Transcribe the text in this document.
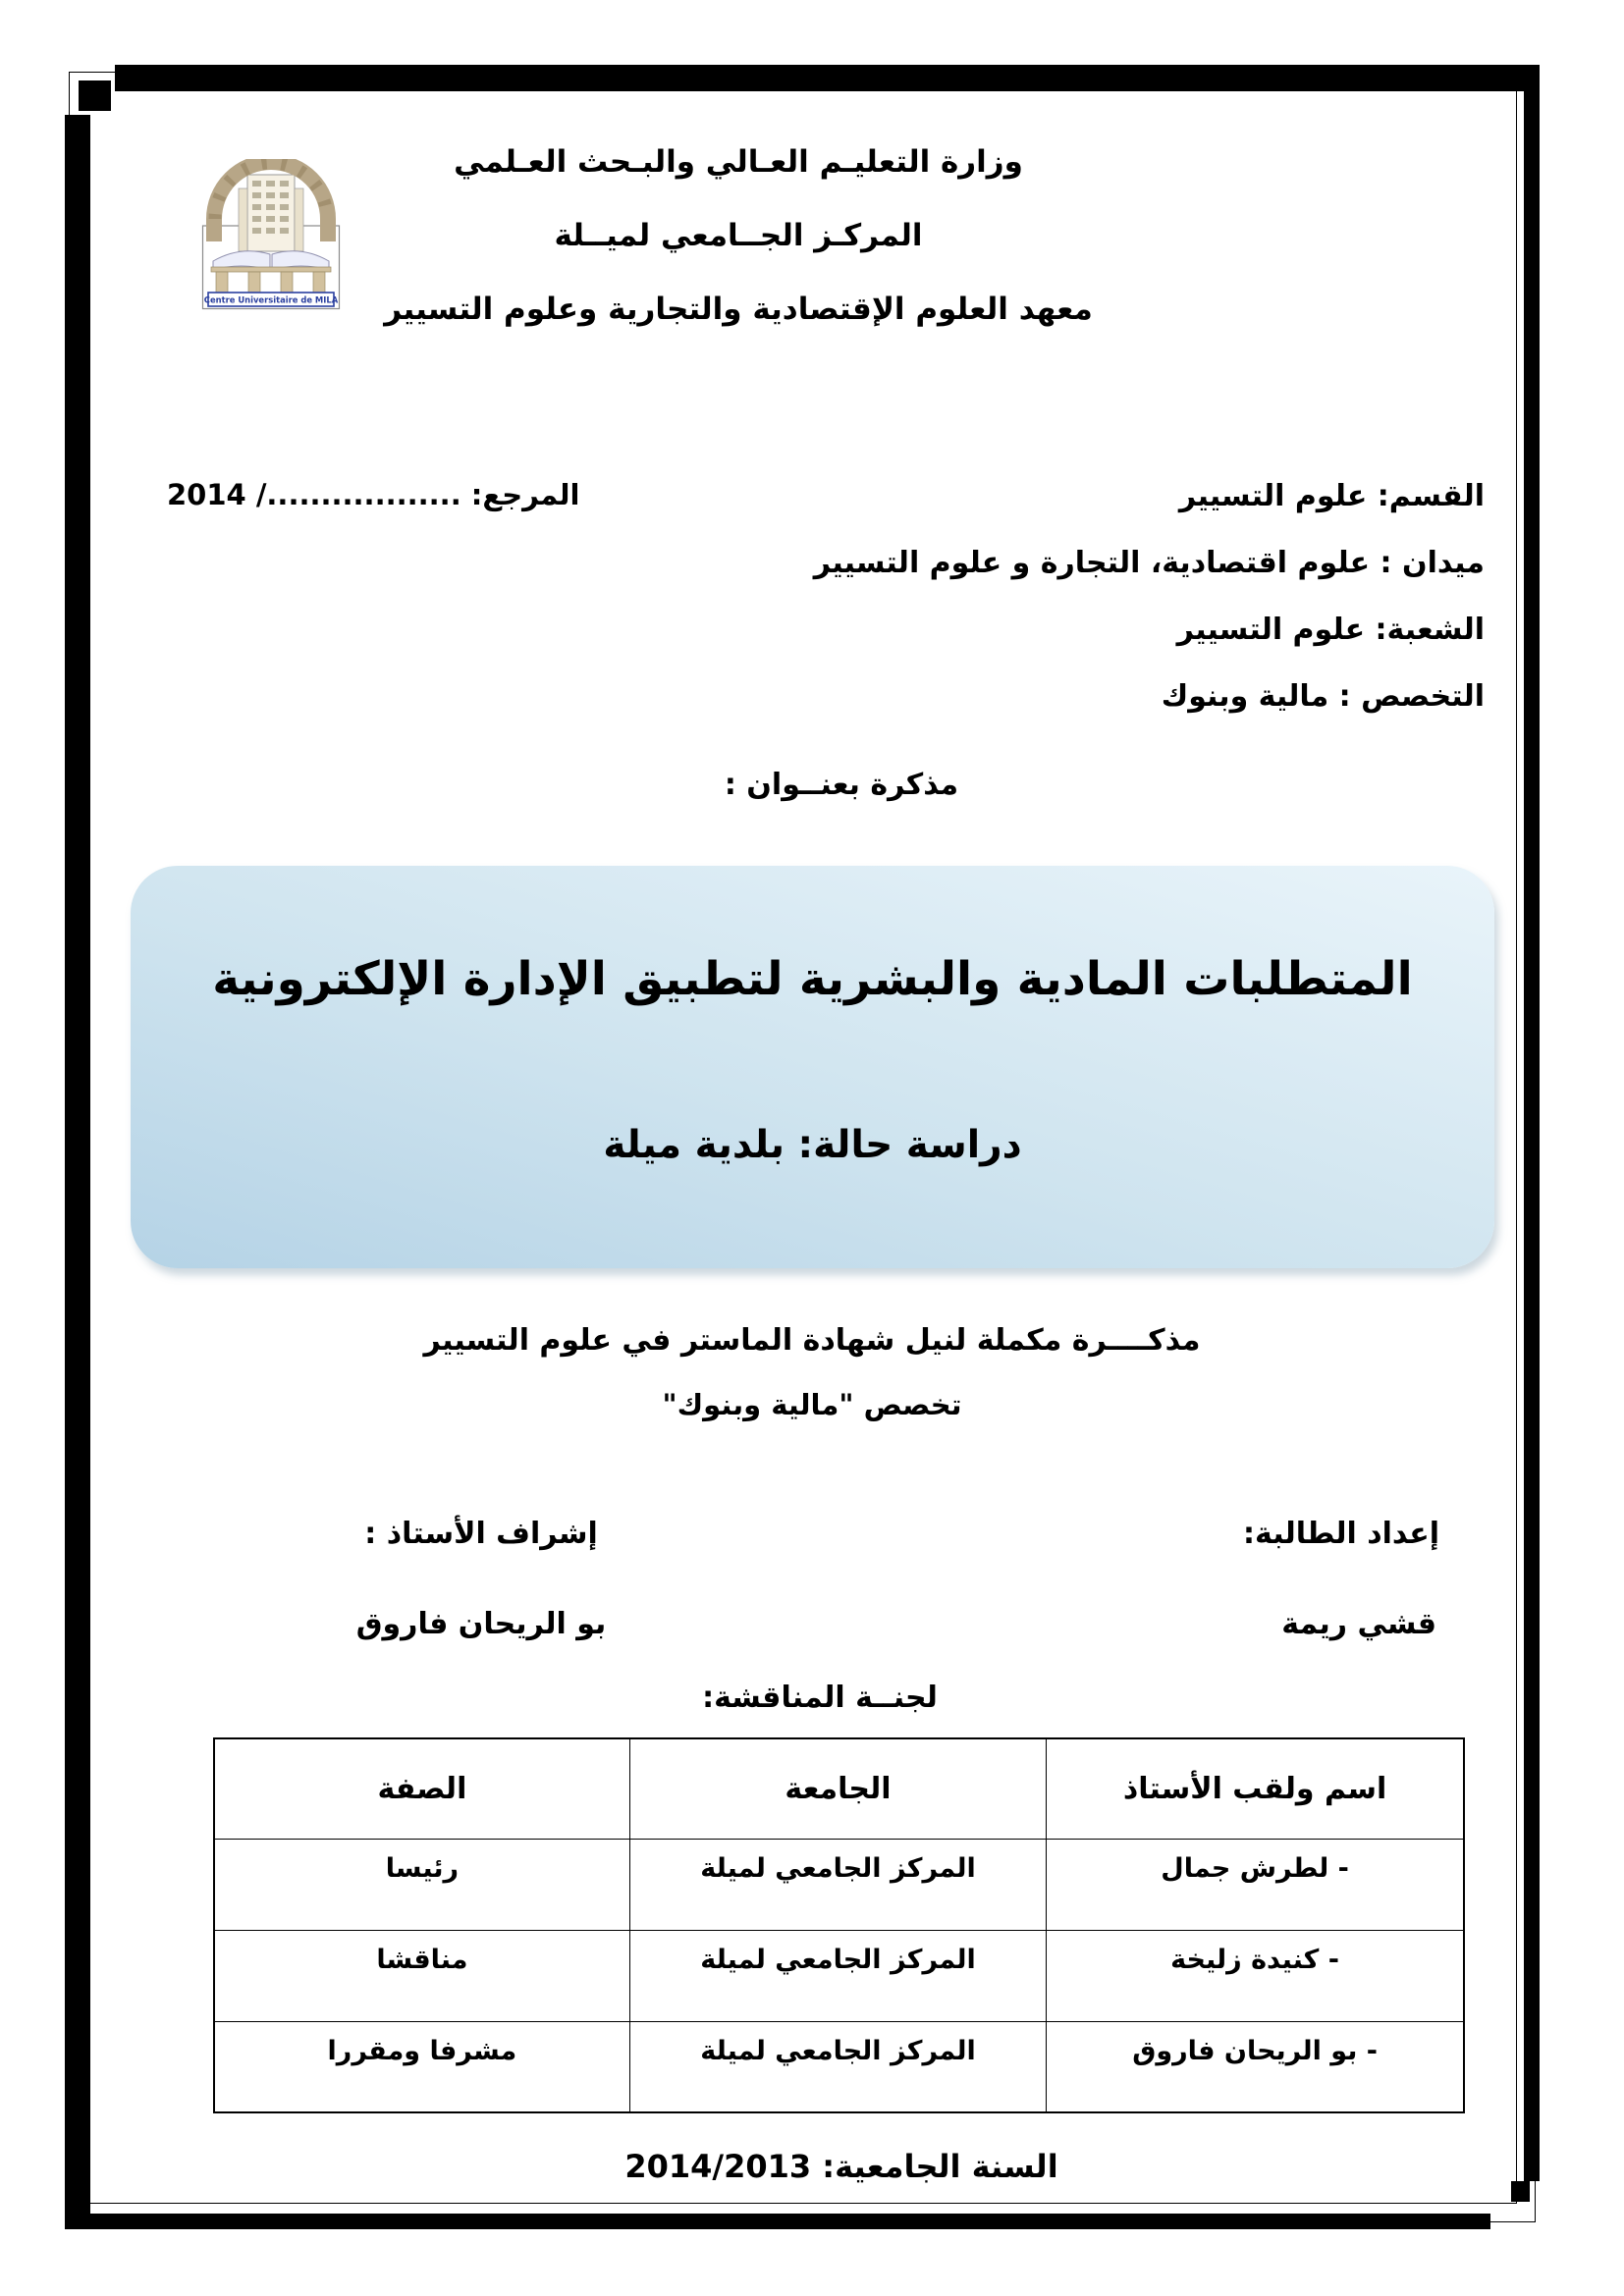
Centre Universitaire de MILA
وزارة التعليـم العـالي والبـحث العـلمي
المركـز الجــامعي لميــلة
معهد العلوم الإقتصادية والتجارية وعلوم التسيير
القسم: علوم التسيير
ميدان : علوم اقتصادية، التجارة و علوم التسيير
الشعبة: علوم التسيير
التخصص : مالية وبنوك
المرجع: ................../ 2014
مذكرة بعنــوان :
المتطلبات المادية والبشرية لتطبيق الإدارة الإلكترونية
دراسة حالة: بلدية ميلة
مذكــــرة مكملة لنيل شهادة الماستر في علوم التسيير
تخصص "مالية وبنوك"
إعداد الطالبة:
إشراف الأستاذ :
قشي ريمة
بو الريحان فاروق
لجنــة المناقشة:
اسم ولقب الأستاذ	الجامعة	الصفة
- لطرش جمال	المركز الجامعي لميلة	رئيسا
- كنيدة زليخة	المركز الجامعي لميلة	مناقشا
- بو الريحان فاروق	المركز الجامعي لميلة	مشرفا ومقررا
السنة الجامعية: 2014/2013
